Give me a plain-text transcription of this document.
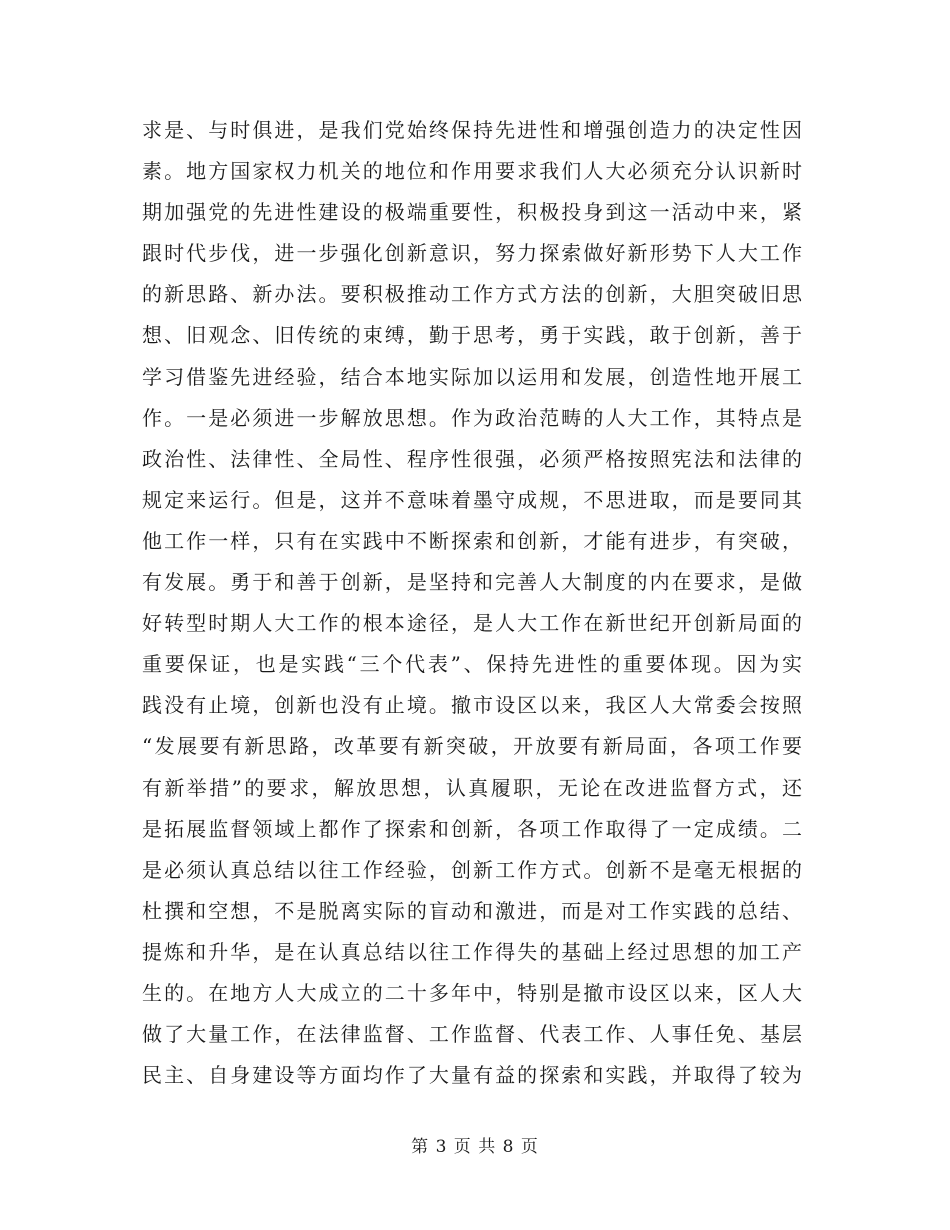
求是、与时俱进，是我们党始终保持先进性和增强创造力的决定性因
素。地方国家权力机关的地位和作用要求我们人大必须充分认识新时
期加强党的先进性建设的极端重要性，积极投身到这一活动中来，紧
跟时代步伐，进一步强化创新意识，努力探索做好新形势下人大工作
的新思路、新办法。要积极推动工作方式方法的创新，大胆突破旧思
想、旧观念、旧传统的束缚，勤于思考，勇于实践，敢于创新，善于
学习借鉴先进经验，结合本地实际加以运用和发展，创造性地开展工
作。一是必须进一步解放思想。作为政治范畴的人大工作，其特点是
政治性、法律性、全局性、程序性很强，必须严格按照宪法和法律的
规定来运行。但是，这并不意味着墨守成规，不思进取，而是要同其
他工作一样，只有在实践中不断探索和创新，才能有进步，有突破，
有发展。勇于和善于创新，是坚持和完善人大制度的内在要求，是做
好转型时期人大工作的根本途径，是人大工作在新世纪开创新局面的
重要保证，也是实践“三个代表”、保持先进性的重要体现。因为实
践没有止境，创新也没有止境。撤市设区以来，我区人大常委会按照
“发展要有新思路，改革要有新突破，开放要有新局面，各项工作要
有新举措”的要求，解放思想，认真履职，无论在改进监督方式，还
是拓展监督领域上都作了探索和创新，各项工作取得了一定成绩。二
是必须认真总结以往工作经验，创新工作方式。创新不是毫无根据的
杜撰和空想，不是脱离实际的盲动和激进，而是对工作实践的总结、
提炼和升华，是在认真总结以往工作得失的基础上经过思想的加工产
生的。在地方人大成立的二十多年中，特别是撤市设区以来，区人大
做了大量工作，在法律监督、工作监督、代表工作、人事任免、基层
民主、自身建设等方面均作了大量有益的探索和实践，并取得了较为
第 3 页 共 8 页
